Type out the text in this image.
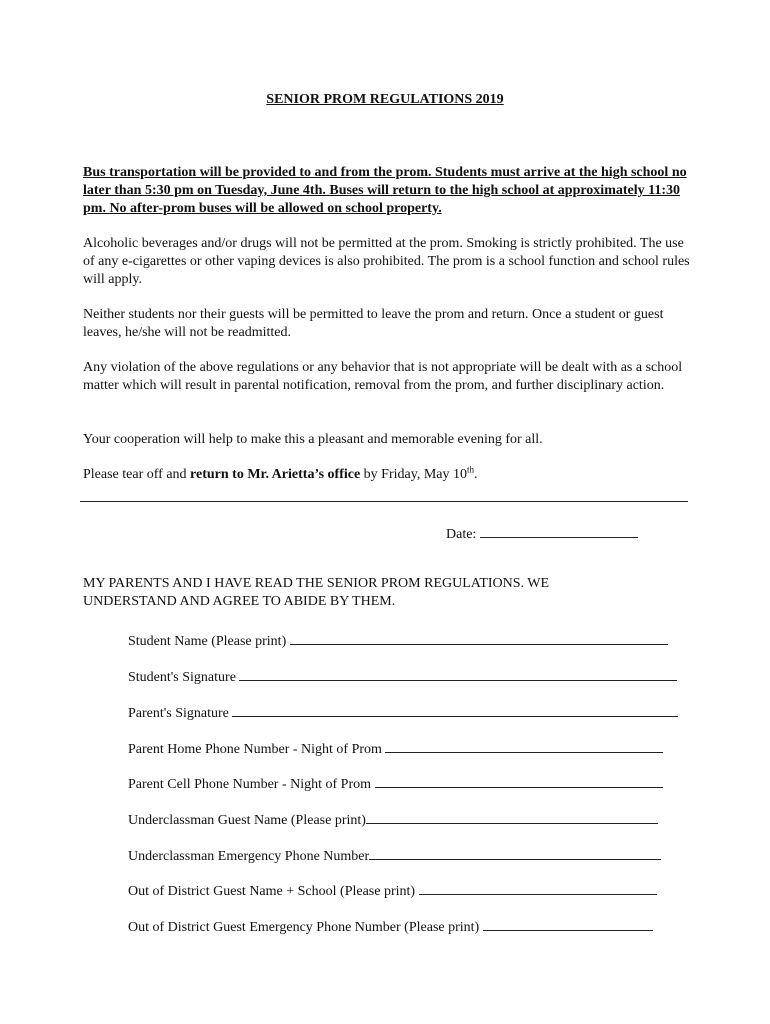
SENIOR PROM REGULATIONS 2019
Bus transportation will be provided to and from the prom. Students must arrive at the high school no later than 5:30 pm on Tuesday, June 4th. Buses will return to the high school at approximately 11:30 pm. No after-prom buses will be allowed on school property.
Alcoholic beverages and/or drugs will not be permitted at the prom. Smoking is strictly prohibited. The use of any e-cigarettes or other vaping devices is also prohibited. The prom is a school function and school rules will apply.
Neither students nor their guests will be permitted to leave the prom and return. Once a student or guest leaves, he/she will not be readmitted.
Any violation of the above regulations or any behavior that is not appropriate will be dealt with as a school matter which will result in parental notification, removal from the prom, and further disciplinary action.
Your cooperation will help to make this a pleasant and memorable evening for all.
Please tear off and return to Mr. Arietta’s office by Friday, May 10th.
Date:
MY PARENTS AND I HAVE READ THE SENIOR PROM REGULATIONS. WE UNDERSTAND AND AGREE TO ABIDE BY THEM.
Student Name (Please print)
Student's Signature
Parent's Signature
Parent Home Phone Number - Night of Prom
Parent Cell Phone Number - Night of Prom
Underclassman Guest Name (Please print)
Underclassman Emergency Phone Number
Out of District Guest Name + School (Please print)
Out of District Guest Emergency Phone Number (Please print)
